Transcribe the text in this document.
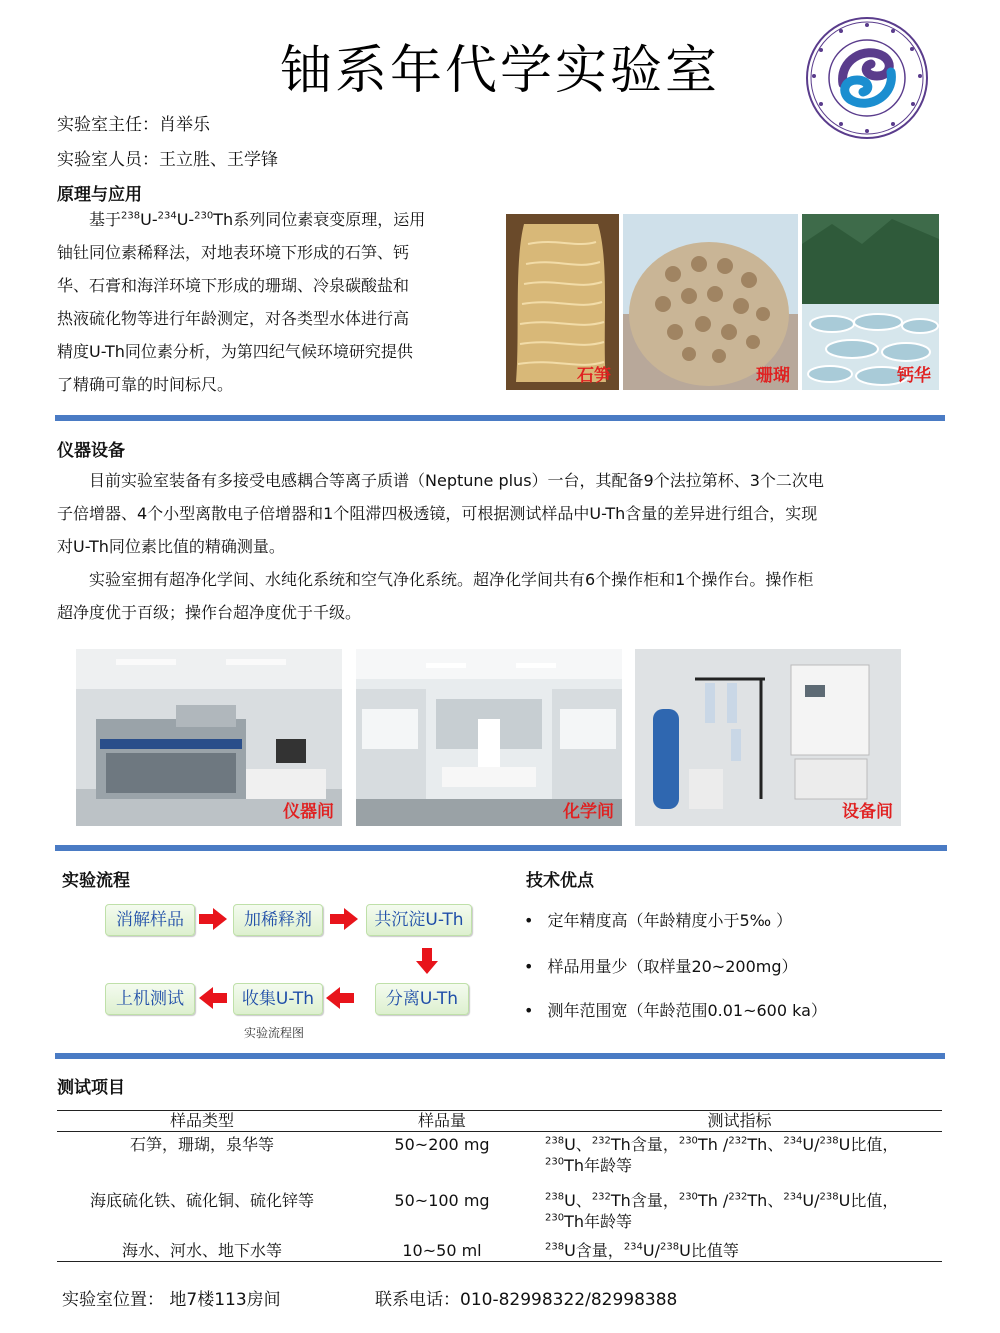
铀系年代学实验室
实验室主任：肖举乐
实验室人员：王立胜、王学锋
原理与应用
基于$^{238}$U-$^{234}$U-$^{230}$Th系列同位素衰变原理，运用
铀钍同位素稀释法，对地表环境下形成的石笋、钙
华、石膏和海洋环境下形成的珊瑚、冷泉碳酸盐和
热液硫化物等进行年龄测定，对各类型水体进行高
精度U-Th同位素分析，为第四纪气候环境研究提供
了精确可靠的时间标尺。	石笋	珊瑚	钙华
仪器设备
目前实验室装备有多接受电感耦合等离子质谱（Neptune plus）一台，其配备9个法拉第杯、3个二次电
子倍增器、4个小型离散电子倍增器和1个阻滞四极透镜，可根据测试样品中U-Th含量的差异进行组合，实现
对U-Th同位素比值的精确测量。
实验室拥有超净化学间、水纯化系统和空气净化系统。超净化学间共有6个操作柜和1个操作台。操作柜
超净度优于百级；操作台超净度优于千级。
仪器间	化学间	设备间
实验流程
消解样品	加稀释剂	共沉淀U-Th
分离U-Th
收集U-Th
上机测试
实验流程图
技术优点
• 定年精度高（年龄精度小于5‰ ）
• 样品用量少（取样量20~200mg）
• 测年范围宽（年龄范围0.01~600 ka）
测试项目
样品类型	样品量	测试指标
石笋，珊瑚，泉华等	50~200 mg	$^{238}$U、$^{232}$Th含量，$^{230}$Th /$^{232}$Th、$^{234}$U/$^{238}$U比值，
$^{230}$Th年龄等
海底硫化铁、硫化铜、硫化锌等	50~100 mg	$^{238}$U、$^{232}$Th含量，$^{230}$Th /$^{232}$Th、$^{234}$U/$^{238}$U比值，
$^{230}$Th年龄等
海水、河水、地下水等	10~50 ml	$^{238}$U含量，$^{234}$U/$^{238}$U比值等
实验室位置： 地7楼113房间	联系电话：010-82998322/82998388
